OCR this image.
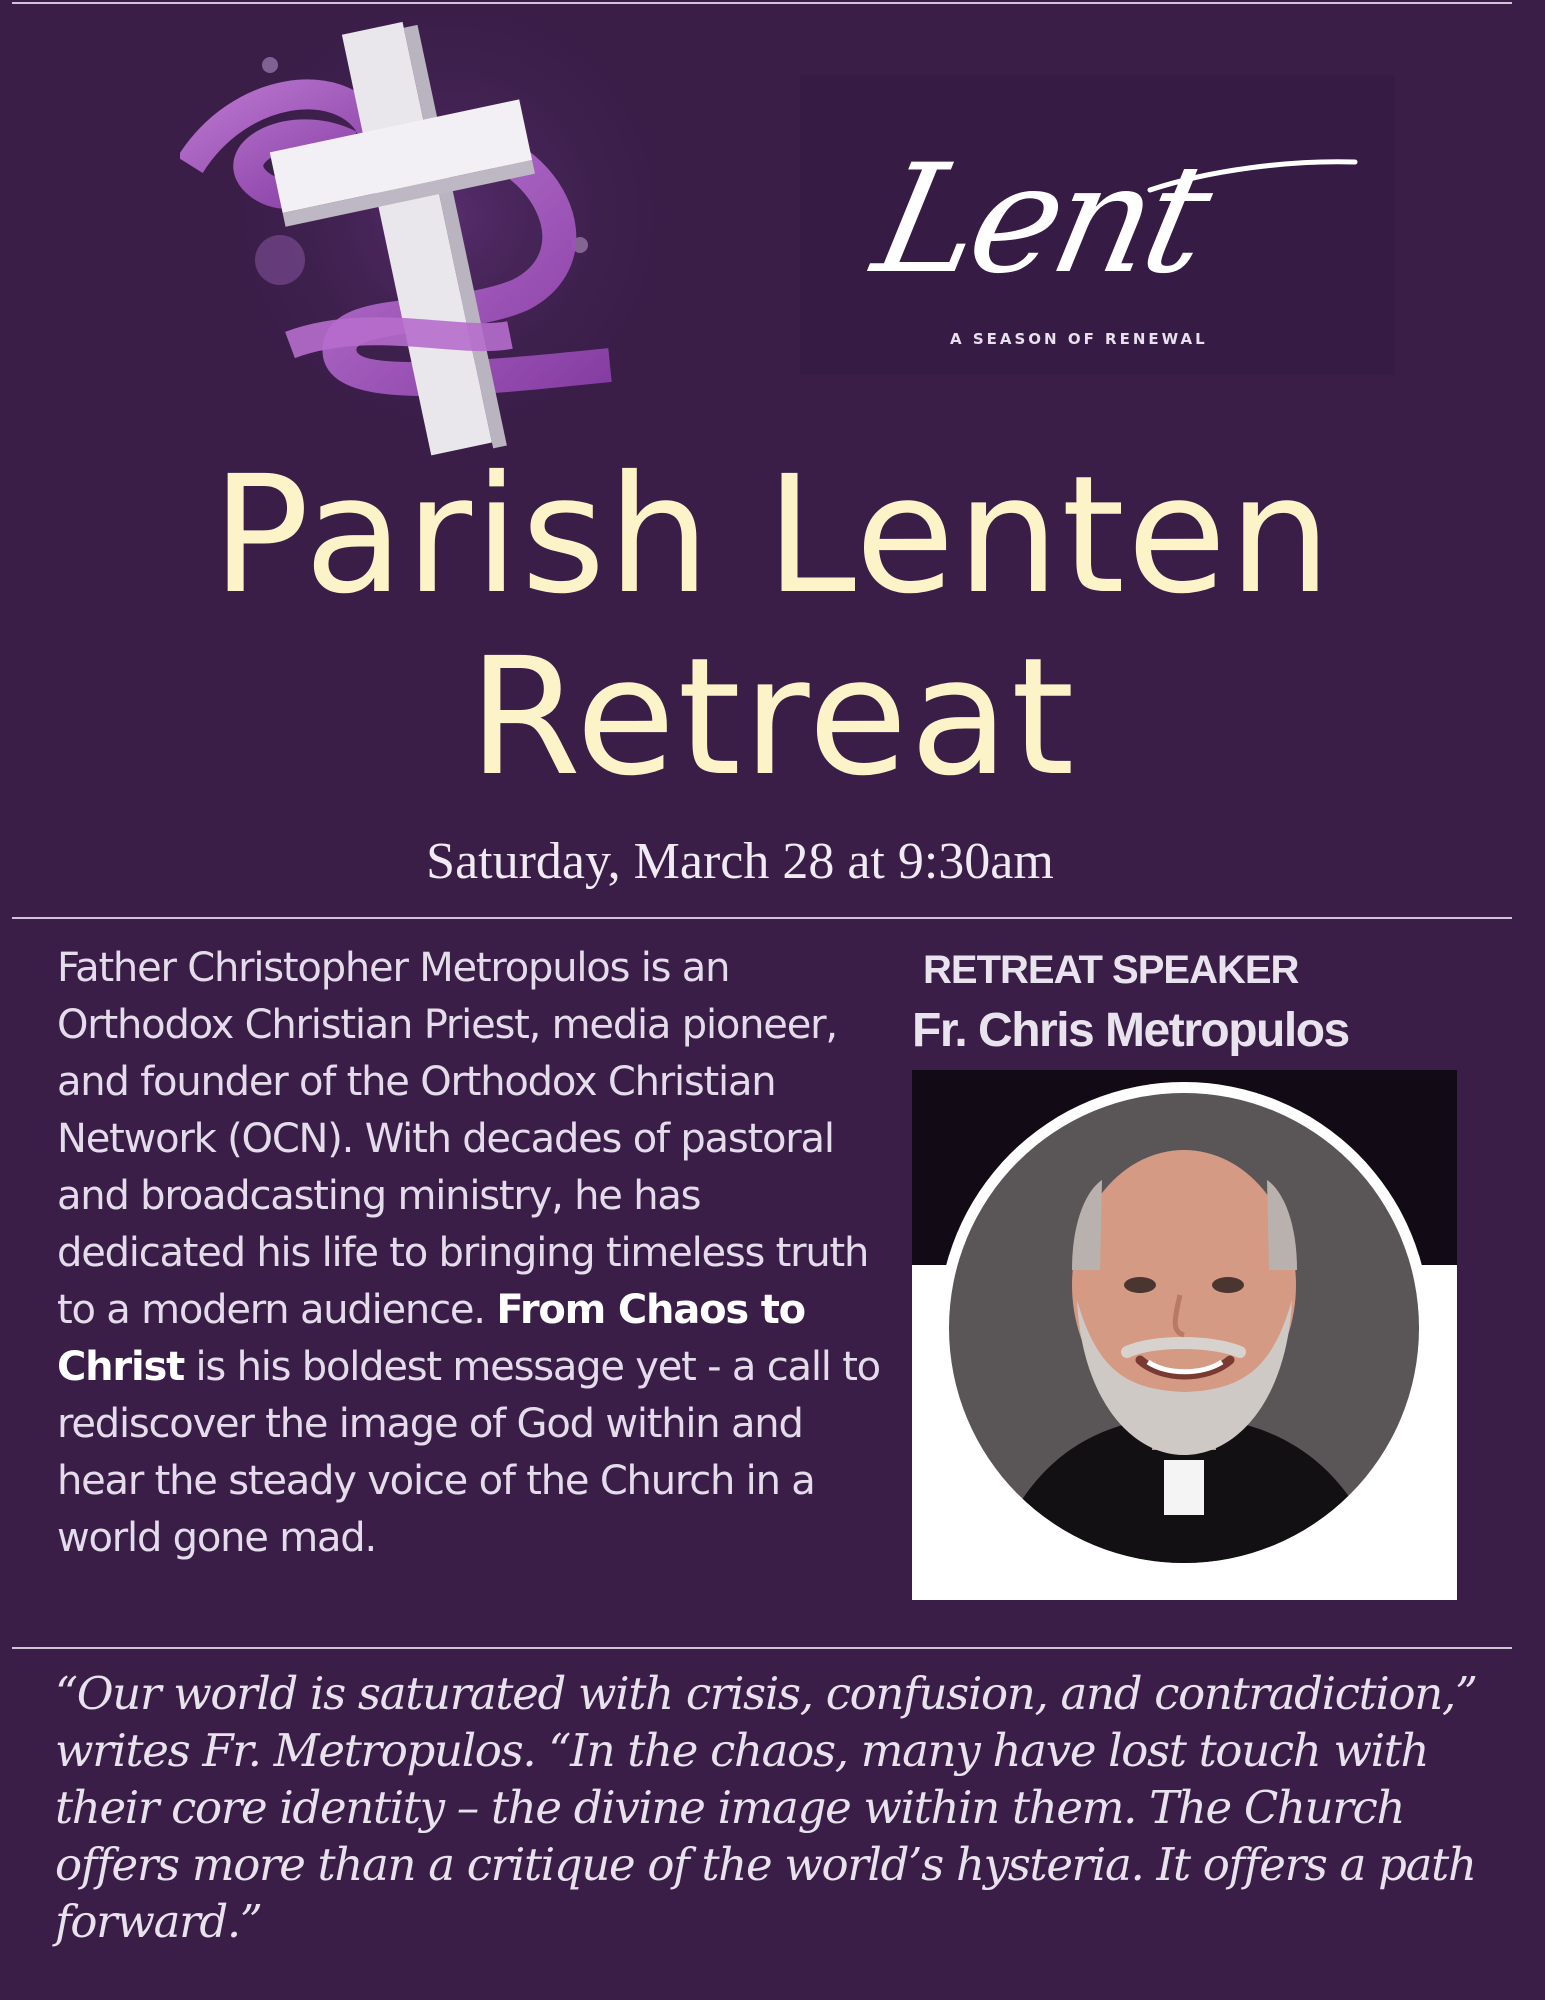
Lent
A SEASON OF RENEWAL
Parish Lenten
Retreat
Saturday, March 28 at 9:30am
Father Christopher Metropulos is an Orthodox Christian Priest, media pioneer, and founder of the Orthodox Christian Network (OCN). With decades of pastoral and broadcasting ministry, he has dedicated his life to bringing timeless truth to a modern audience. From Chaos to Christ is his boldest message yet - a call to rediscover the image of God within and hear the steady voice of the Church in a world gone mad.
RETREAT SPEAKER
Fr. Chris Metropulos
“Our world is saturated with crisis, confusion, and contradiction,” writes Fr. Metropulos. “In the chaos, many have lost touch with their core identity – the divine image within them. The Church offers more than a critique of the world’s hysteria. It offers a path forward.”
